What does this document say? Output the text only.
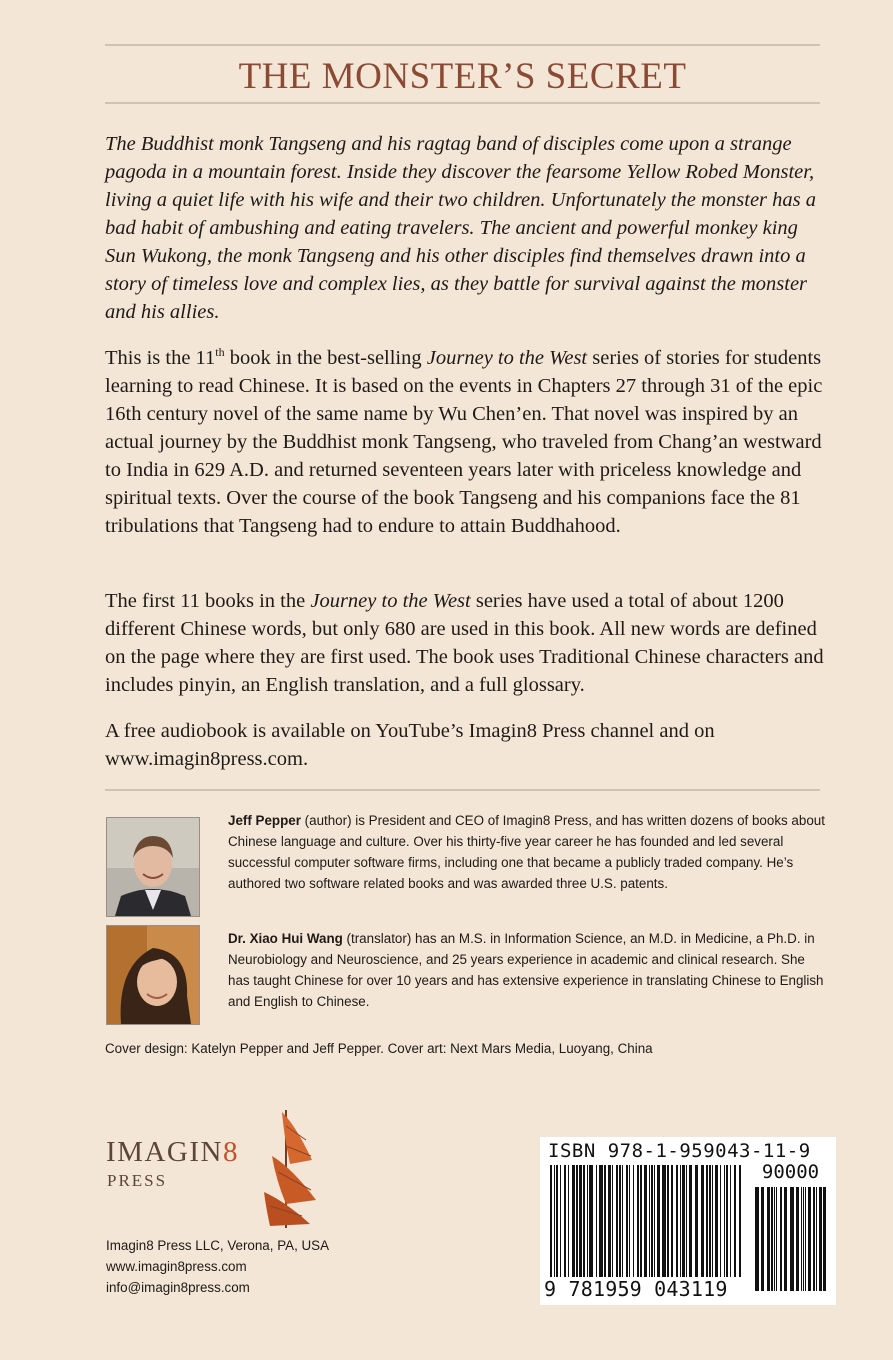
THE MONSTER’S SECRET

The Buddhist monk Tangseng and his ragtag band of disciples come upon a strange pagoda in a mountain forest. Inside they discover the fearsome Yellow Robed Monster, living a quiet life with his wife and their two children. Unfortunately the monster has a bad habit of ambushing and eating travelers. The ancient and powerful monkey king Sun Wukong, the monk Tangseng and his other disciples find themselves drawn into a story of timeless love and complex lies, as they battle for survival against the monster and his allies.

This is the 11th book in the best-selling Journey to the West series of stories for students learning to read Chinese. It is based on the events in Chapters 27 through 31 of the epic 16th century novel of the same name by Wu Chen’en. That novel was inspired by an actual journey by the Buddhist monk Tangseng, who traveled from Chang’an westward to India in 629 A.D. and returned seventeen years later with priceless knowledge and spiritual texts. Over the course of the book Tangseng and his companions face the 81 tribulations that Tangseng had to endure to attain Buddhahood.

The first 11 books in the Journey to the West series have used a total of about 1200 different Chinese words, but only 680 are used in this book. All new words are defined on the page where they are first used. The book uses Traditional Chinese characters and includes pinyin, an English translation, and a full glossary.

A free audiobook is available on YouTube’s Imagin8 Press channel and on www.imagin8press.com.

Jeff Pepper (author) is President and CEO of Imagin8 Press, and has written dozens of books about Chinese language and culture. Over his thirty-five year career he has founded and led several successful computer software firms, including one that became a publicly traded company. He’s authored two software related books and was awarded three U.S. patents.

Dr. Xiao Hui Wang (translator) has an M.S. in Information Science, an M.D. in Medicine, a Ph.D. in Neurobiology and Neuroscience, and 25 years experience in academic and clinical research. She has taught Chinese for over 10 years and has extensive experience in translating Chinese to English and English to Chinese.

Cover design: Katelyn Pepper and Jeff Pepper. Cover art: Next Mars Media, Luoyang, China
IMAGIN8
PRESS

Imagin8 Press LLC, Verona, PA, USA
www.imagin8press.com
info@imagin8press.com

ISBN 978-1-959043-11-9
90000
9 781959 043119
